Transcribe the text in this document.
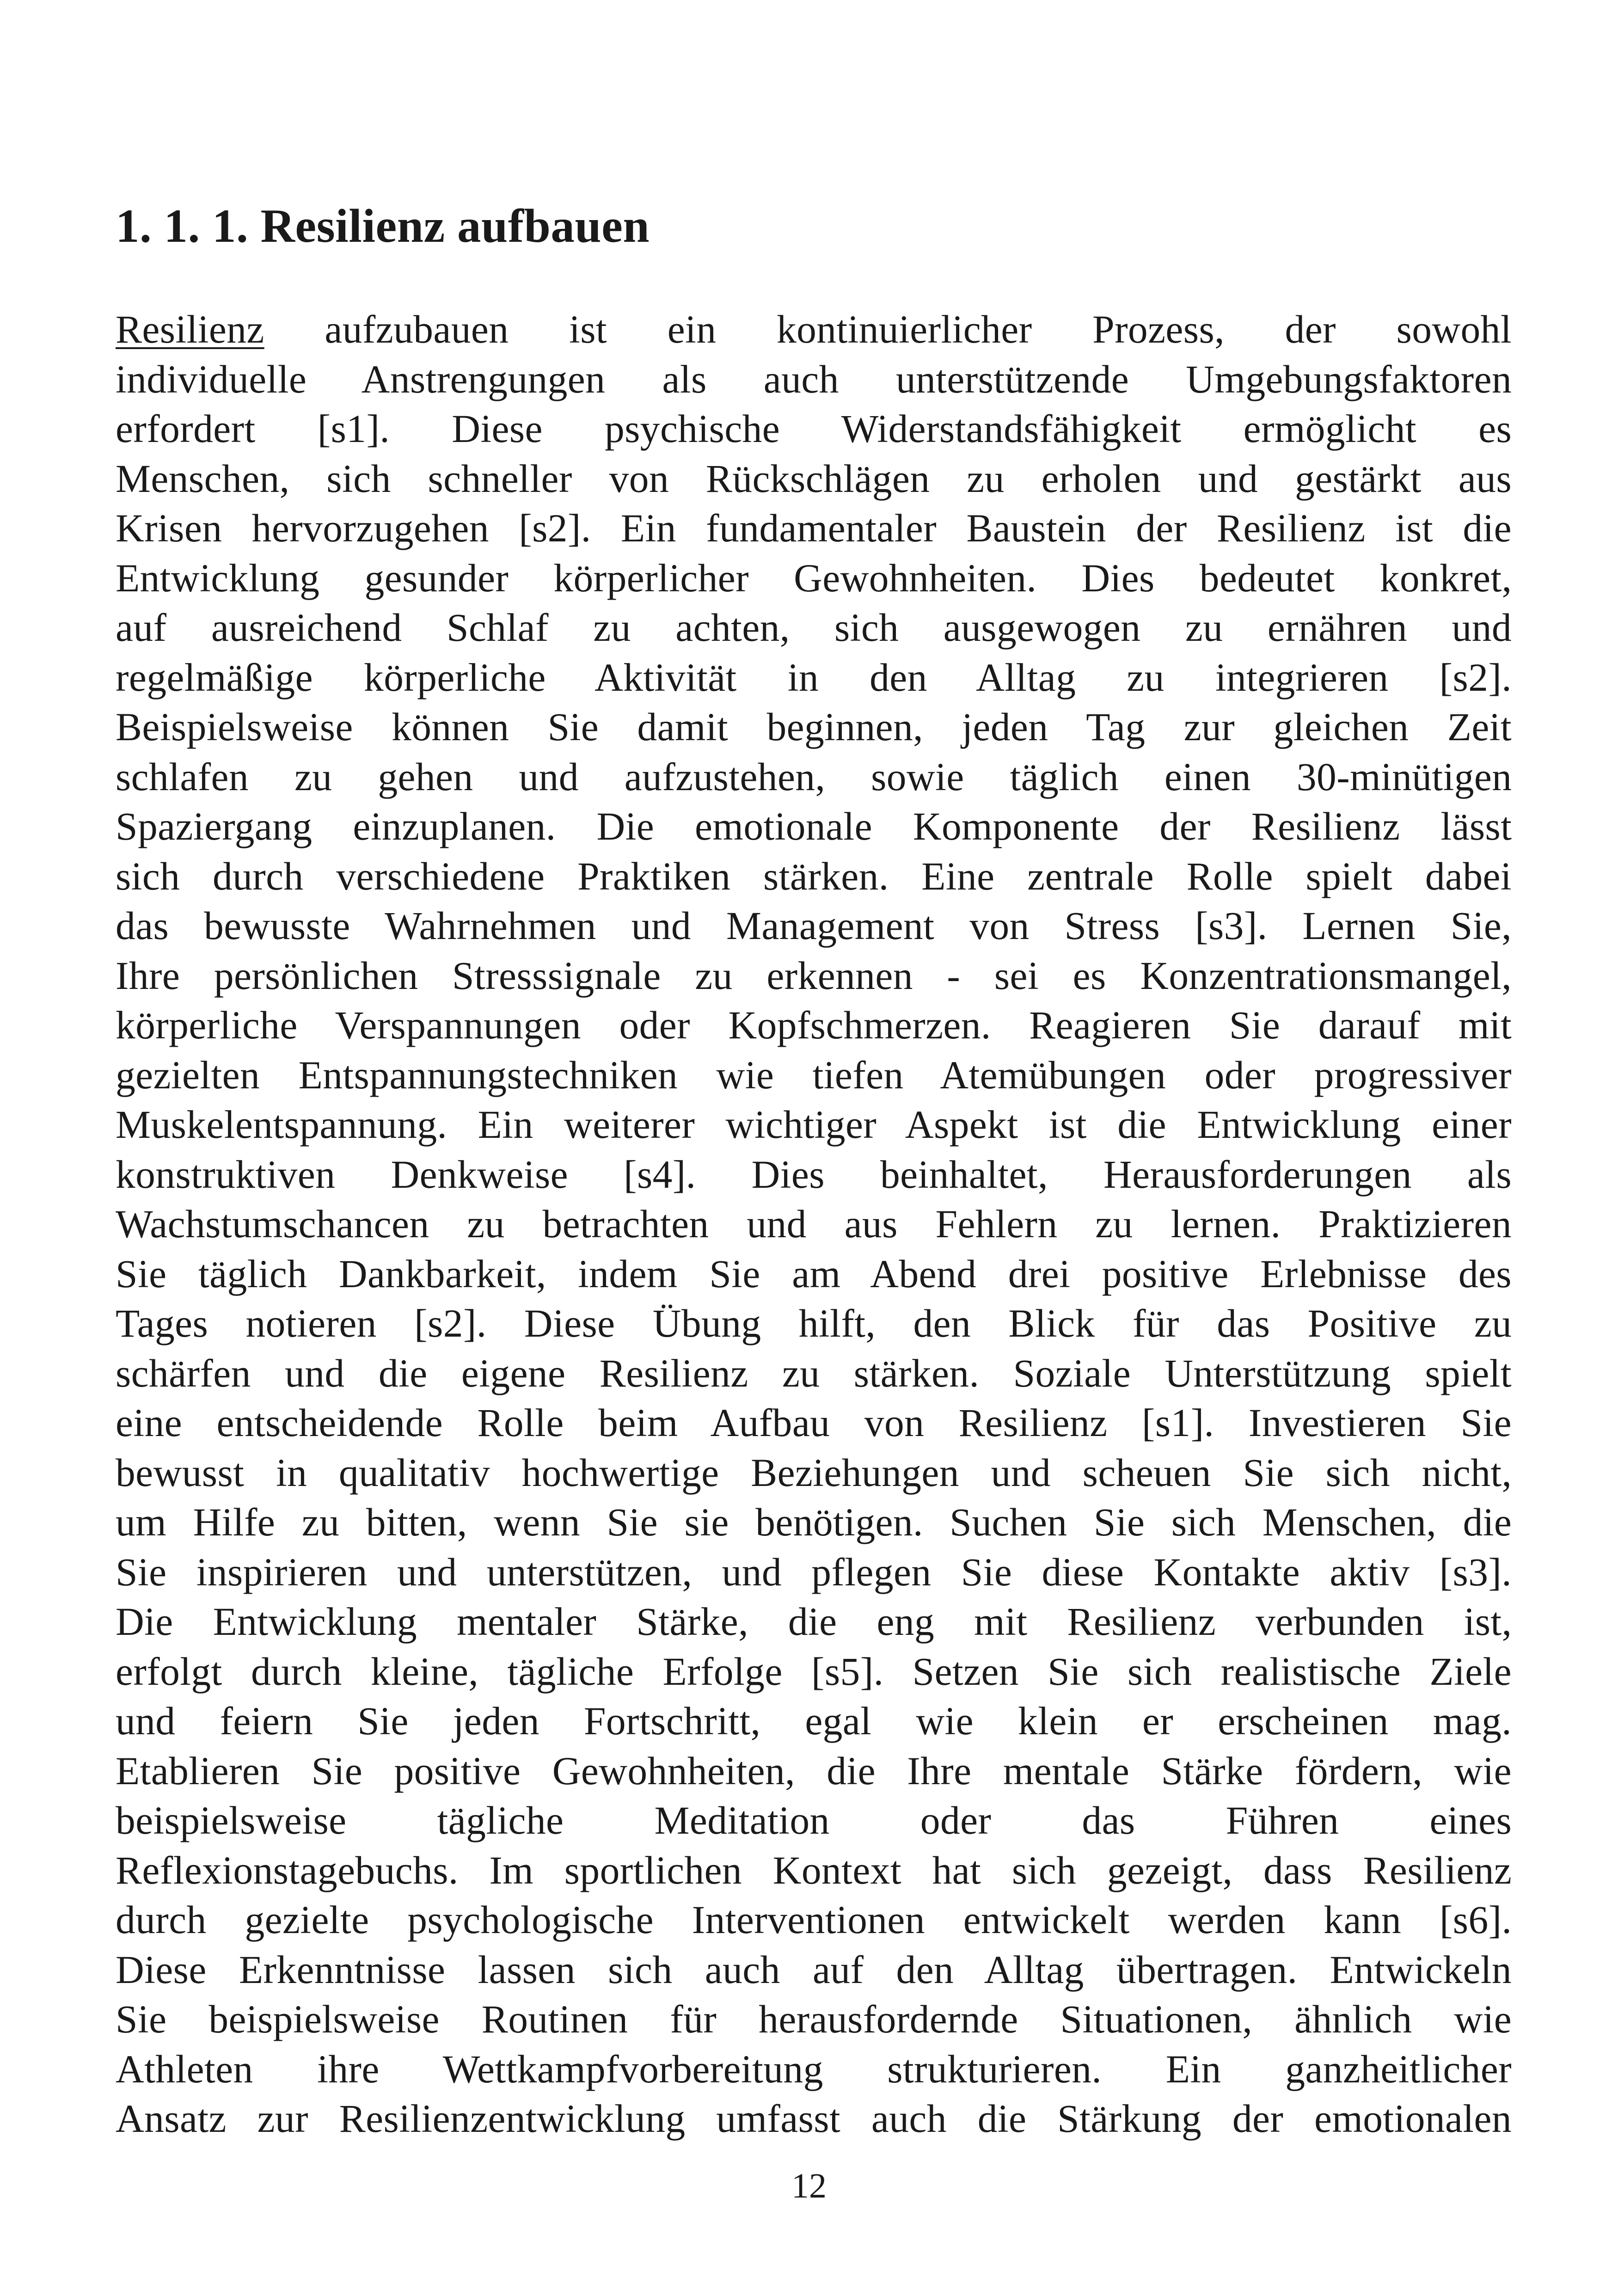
1. 1. 1. Resilienz aufbauen
Resilienz aufzubauen ist ein kontinuierlicher Prozess, der sowohl
individuelle Anstrengungen als auch unterstützende Umgebungsfaktoren
erfordert [s1]. Diese psychische Widerstandsfähigkeit ermöglicht es
Menschen, sich schneller von Rückschlägen zu erholen und gestärkt aus
Krisen hervorzugehen [s2]. Ein fundamentaler Baustein der Resilienz ist die
Entwicklung gesunder körperlicher Gewohnheiten. Dies bedeutet konkret,
auf ausreichend Schlaf zu achten, sich ausgewogen zu ernähren und
regelmäßige körperliche Aktivität in den Alltag zu integrieren [s2].
Beispielsweise können Sie damit beginnen, jeden Tag zur gleichen Zeit
schlafen zu gehen und aufzustehen, sowie täglich einen 30-minütigen
Spaziergang einzuplanen. Die emotionale Komponente der Resilienz lässt
sich durch verschiedene Praktiken stärken. Eine zentrale Rolle spielt dabei
das bewusste Wahrnehmen und Management von Stress [s3]. Lernen Sie,
Ihre persönlichen Stresssignale zu erkennen - sei es Konzentrationsmangel,
körperliche Verspannungen oder Kopfschmerzen. Reagieren Sie darauf mit
gezielten Entspannungstechniken wie tiefen Atemübungen oder progressiver
Muskelentspannung. Ein weiterer wichtiger Aspekt ist die Entwicklung einer
konstruktiven Denkweise [s4]. Dies beinhaltet, Herausforderungen als
Wachstumschancen zu betrachten und aus Fehlern zu lernen. Praktizieren
Sie täglich Dankbarkeit, indem Sie am Abend drei positive Erlebnisse des
Tages notieren [s2]. Diese Übung hilft, den Blick für das Positive zu
schärfen und die eigene Resilienz zu stärken. Soziale Unterstützung spielt
eine entscheidende Rolle beim Aufbau von Resilienz [s1]. Investieren Sie
bewusst in qualitativ hochwertige Beziehungen und scheuen Sie sich nicht,
um Hilfe zu bitten, wenn Sie sie benötigen. Suchen Sie sich Menschen, die
Sie inspirieren und unterstützen, und pflegen Sie diese Kontakte aktiv [s3].
Die Entwicklung mentaler Stärke, die eng mit Resilienz verbunden ist,
erfolgt durch kleine, tägliche Erfolge [s5]. Setzen Sie sich realistische Ziele
und feiern Sie jeden Fortschritt, egal wie klein er erscheinen mag.
Etablieren Sie positive Gewohnheiten, die Ihre mentale Stärke fördern, wie
beispielsweise tägliche Meditation oder das Führen eines
Reflexionstagebuchs. Im sportlichen Kontext hat sich gezeigt, dass Resilienz
durch gezielte psychologische Interventionen entwickelt werden kann [s6].
Diese Erkenntnisse lassen sich auch auf den Alltag übertragen. Entwickeln
Sie beispielsweise Routinen für herausfordernde Situationen, ähnlich wie
Athleten ihre Wettkampfvorbereitung strukturieren. Ein ganzheitlicher
Ansatz zur Resilienzentwicklung umfasst auch die Stärkung der emotionalen
12
